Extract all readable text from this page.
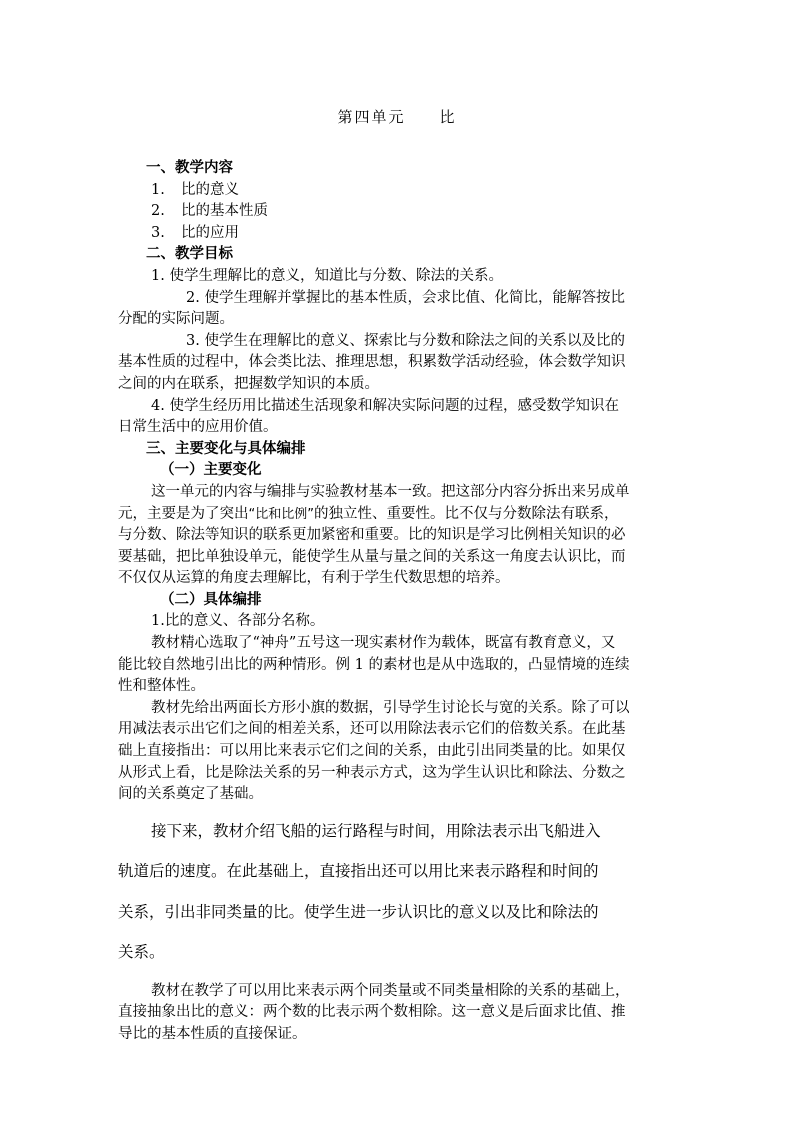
第四单元 比
一、教学内容
1. 比的意义
2. 比的基本性质
3. 比的应用
二、教学目标
1. 使学生理解比的意义，知道比与分数、除法的关系。
2. 使学生理解并掌握比的基本性质，会求比值、化简比，能解答按比
分配的实际问题。
3. 使学生在理解比的意义、探索比与分数和除法之间的关系以及比的
基本性质的过程中，体会类比法、推理思想，积累数学活动经验，体会数学知识
之间的内在联系，把握数学知识的本质。
4. 使学生经历用比描述生活现象和解决实际问题的过程，感受数学知识在
日常生活中的应用价值。
三、主要变化与具体编排
（一）主要变化
这一单元的内容与编排与实验教材基本一致。把这部分内容分拆出来另成单
元，主要是为了突出“比和比例”的独立性、重要性。比不仅与分数除法有联系，
与分数、除法等知识的联系更加紧密和重要。比的知识是学习比例相关知识的必
要基础，把比单独设单元，能使学生从量与量之间的关系这一角度去认识比，而
不仅仅从运算的角度去理解比，有利于学生代数思想的培养。
（二）具体编排
1.比的意义、各部分名称。
教材精心选取了“神舟”五号这一现实素材作为载体，既富有教育意义，又
能比较自然地引出比的两种情形。例 1 的素材也是从中选取的，凸显情境的连续
性和整体性。
教材先给出两面长方形小旗的数据，引导学生讨论长与宽的关系。除了可以
用减法表示出它们之间的相差关系，还可以用除法表示它们的倍数关系。在此基
础上直接指出：可以用比来表示它们之间的关系，由此引出同类量的比。如果仅
从形式上看，比是除法关系的另一种表示方式，这为学生认识比和除法、分数之
间的关系奠定了基础。
接下来，教材介绍飞船的运行路程与时间，用除法表示出飞船进入
轨道后的速度。在此基础上，直接指出还可以用比来表示路程和时间的
关系，引出非同类量的比。使学生进一步认识比的意义以及比和除法的
关系。
教材在教学了可以用比来表示两个同类量或不同类量相除的关系的基础上，
直接抽象出比的意义：两个数的比表示两个数相除。这一意义是后面求比值、推
导比的基本性质的直接保证。
